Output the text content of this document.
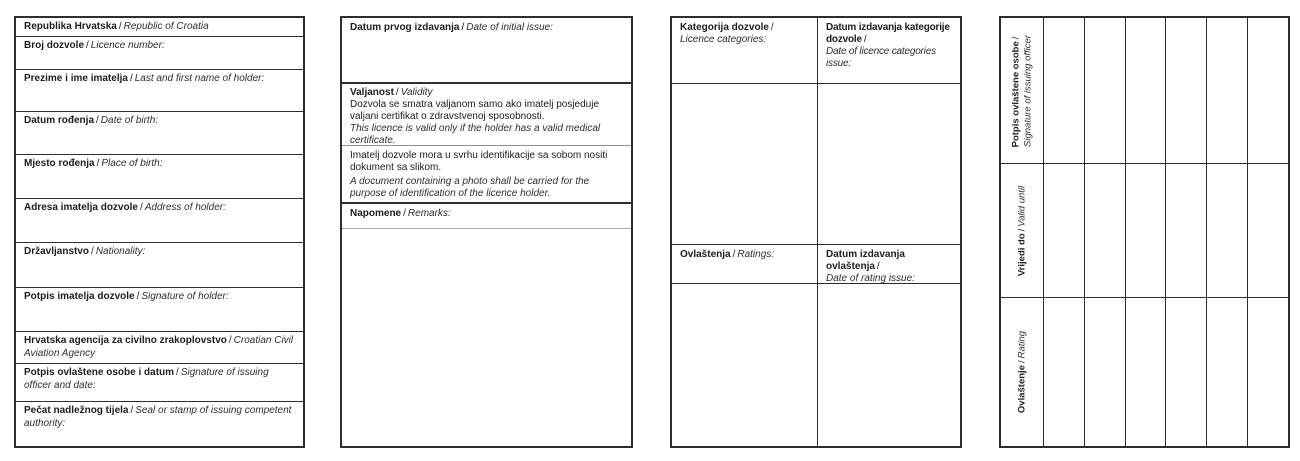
Republika Hrvatska / Republic of Croatia
Broj dozvole / Licence number:
Prezime i ime imatelja / Last and first name of holder:
Datum rođenja / Date of birth:
Mjesto rođenja / Place of birth:
Adresa imatelja dozvole / Address of holder:
Državljanstvo / Nationality:
Potpis imatelja dozvole / Signature of holder:
Hrvatska agencija za civilno zrakoplovstvo / Croatian Civil Aviation Agency
Potpis ovlaštene osobe i datum / Signature of issuing officer and date:
Pečat nadležnog tijela / Seal or stamp of issuing competent authority:
Datum prvog izdavanja / Date of initial issue:
Valjanost / Validity
Dozvola se smatra valjanom samo ako imatelj posjeduje valjani certifikat o zdravstvenoj sposobnosti.
This licence is valid only if the holder has a valid medical certificate.
Imatelj dozvole mora u svrhu identifikacije sa sobom nositi dokument sa slikom.
A document containing a photo shall be carried for the purpose of identification of the licence holder.
Napomene / Remarks:
Kategorija dozvole /
Licence categories:
Datum izdavanja kategorije dozvole /
Date of licence categories issue:
Ovlaštenja / Ratings:	Datum izdavanja ovlaštenja /
Date of rating issue:
Potpis ovlaštene osobe/ Signature of issuing officer
Vrijedi do/Valid until
Ovlaštenje/Rating
